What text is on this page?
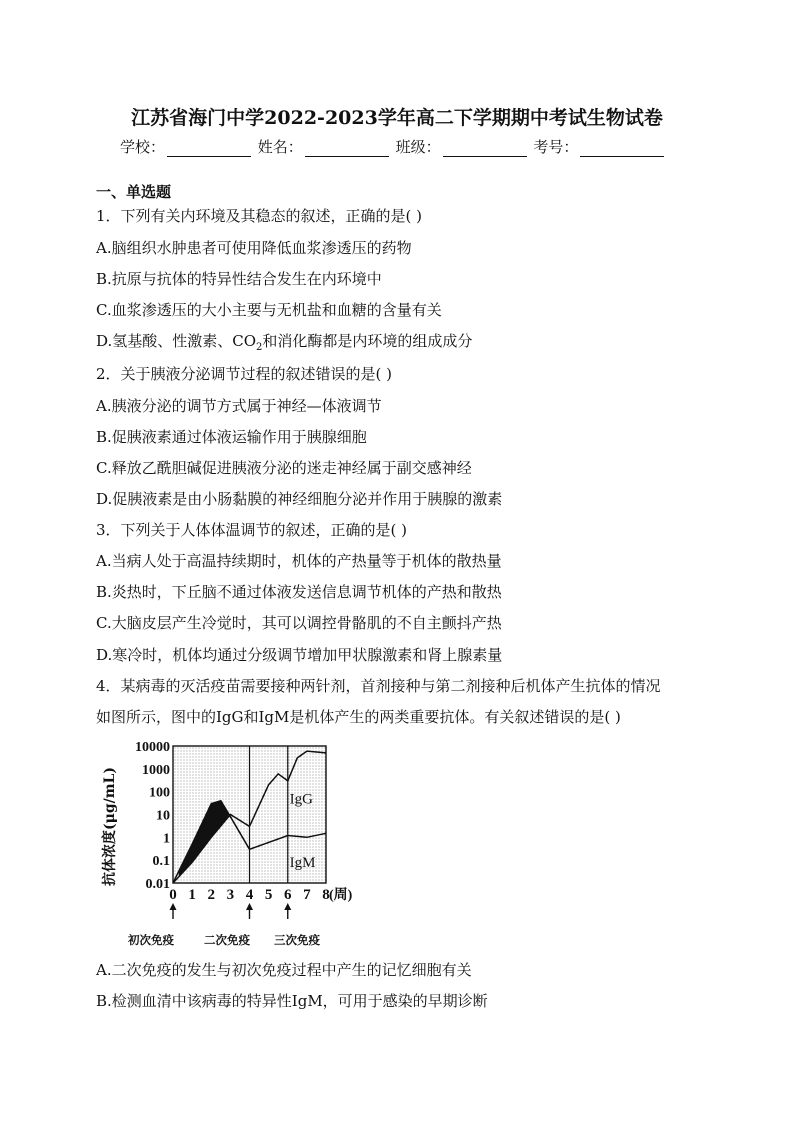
江苏省海门中学2022-2023学年高二下学期期中考试生物试卷
学校：	姓名：	班级：	考号：
一、单选题
1．下列有关内环境及其稳态的叙述，正确的是( )
A.脑组织水肿患者可使用降低血浆渗透压的药物
B.抗原与抗体的特异性结合发生在内环境中
C.血浆渗透压的大小主要与无机盐和血糖的含量有关
D.氢基酸、性激素、$CO_2$和消化酶都是内环境的组成成分
2．关于胰液分泌调节过程的叙述错误的是( )
A.胰液分泌的调节方式属于神经—体液调节
B.促胰液素通过体液运输作用于胰腺细胞
C.释放乙酰胆碱促进胰液分泌的迷走神经属于副交感神经
D.促胰液素是由小肠黏膜的神经细胞分泌并作用于胰腺的激素
3．下列关于人体体温调节的叙述，正确的是( )
A.当病人处于高温持续期时，机体的产热量等于机体的散热量
B.炎热时，下丘脑不通过体液发送信息调节机体的产热和散热
C.大脑皮层产生冷觉时，其可以调控骨骼肌的不自主颤抖产热
D.寒冷时，机体均通过分级调节增加甲状腺激素和肾上腺素量
4．某病毒的灭活疫苗需要接种两针剂，首剂接种与第二剂接种后机体产生抗体的情况
如图所示，图中的IgG和IgM是机体产生的两类重要抗体。有关叙述错误的是( )
IgG
IgM
10000
1000
100
10
1
0.1
0.01
0 1 2 3 4 5 6 7 8 (周)
抗体浓度(μg/mL)
初次免疫	二次免疫 三次免疫
A.二次免疫的发生与初次免疫过程中产生的记忆细胞有关
B.检测血清中该病毒的特异性IgM，可用于感染的早期诊断
